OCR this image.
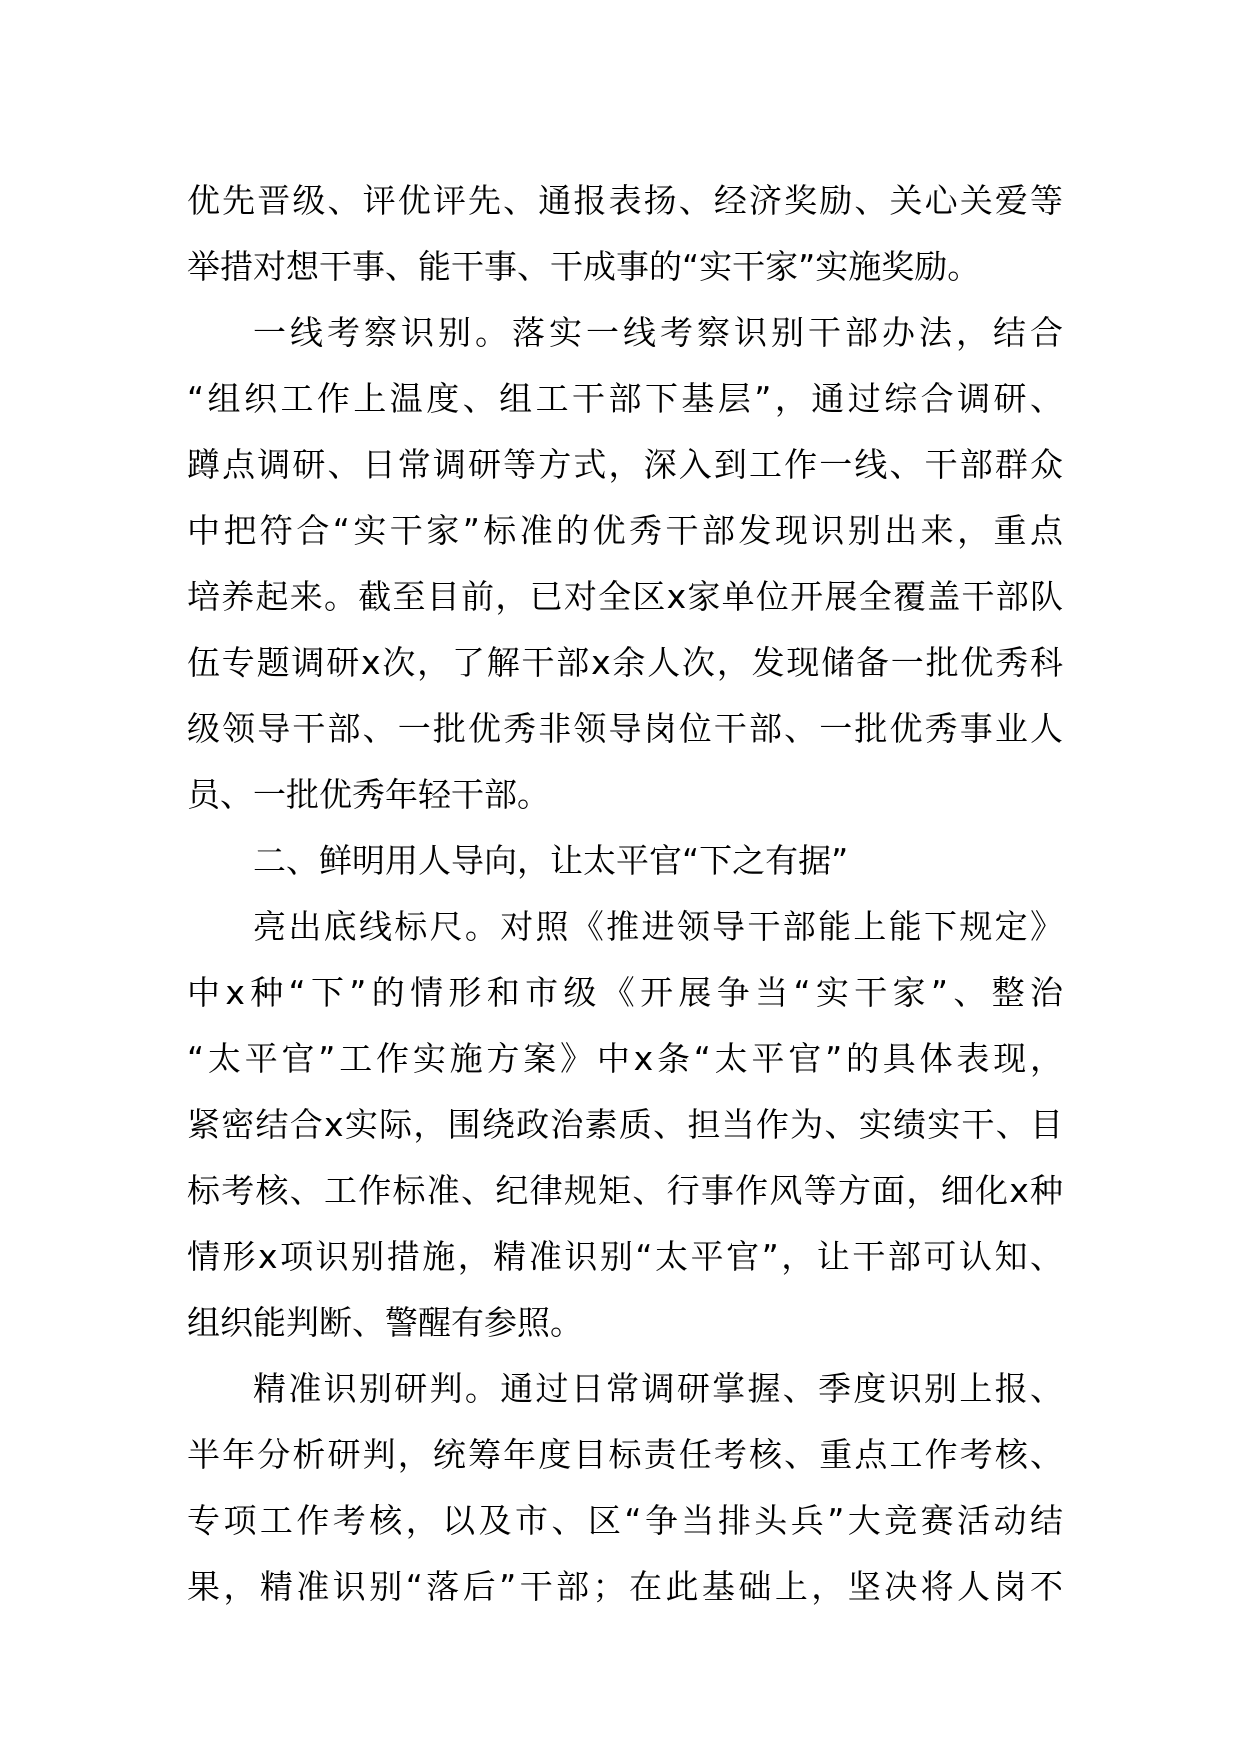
优先晋级、评优评先、通报表扬、经济奖励、关心关爱等
举措对想干事、能干事、干成事的“实干家”实施奖励。
一线考察识别。落实一线考察识别干部办法，结合
“组织工作上温度、组工干部下基层”，通过综合调研、
蹲点调研、日常调研等方式，深入到工作一线、干部群众
中把符合“实干家”标准的优秀干部发现识别出来，重点
培养起来。截至目前，已对全区x家单位开展全覆盖干部队
伍专题调研x次，了解干部x余人次，发现储备一批优秀科
级领导干部、一批优秀非领导岗位干部、一批优秀事业人
员、一批优秀年轻干部。
二、鲜明用人导向，让太平官“下之有据”
亮出底线标尺。对照《推进领导干部能上能下规定》
中x种“下”的情形和市级《开展争当“实干家”、整治
“太平官”工作实施方案》中x条“太平官”的具体表现，
紧密结合x实际，围绕政治素质、担当作为、实绩实干、目
标考核、工作标准、纪律规矩、行事作风等方面，细化x种
情形x项识别措施，精准识别“太平官”，让干部可认知、
组织能判断、警醒有参照。
精准识别研判。通过日常调研掌握、季度识别上报、
半年分析研判，统筹年度目标责任考核、重点工作考核、
专项工作考核，以及市、区“争当排头兵”大竞赛活动结
果，精准识别“落后”干部；在此基础上，坚决将人岗不
